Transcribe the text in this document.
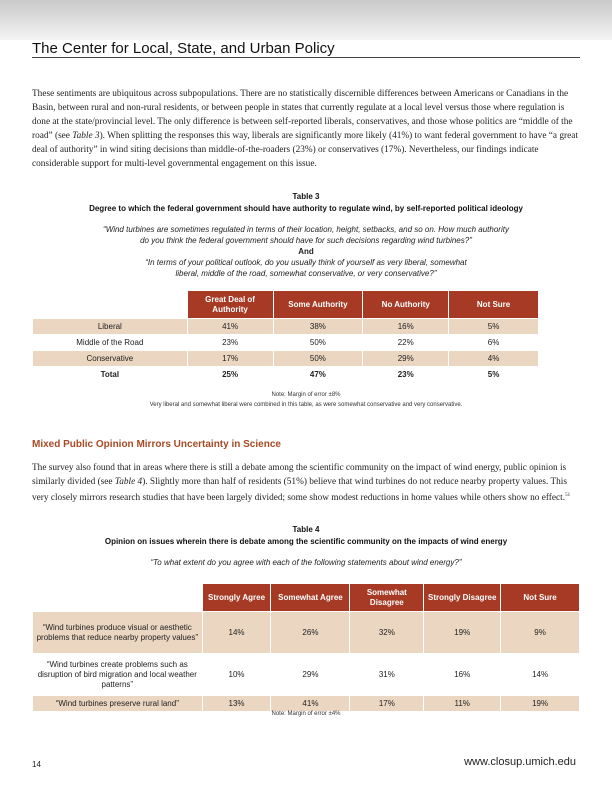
The Center for Local, State, and Urban Policy

These sentiments are ubiquitous across subpopulations. There are no statistically discernible differences between Americans or Canadians in the Basin, between rural and non-rural residents, or between people in states that currently regulate at a local level versus those where regulation is done at the state/provincial level. The only difference is between self-reported liberals, conservatives, and those whose politics are “middle of the road” (see Table 3). When splitting the responses this way, liberals are significantly more likely (41%) to want federal government to have “a great deal of authority” in wind siting decisions than middle-of-the-roaders (23%) or conservatives (17%). Nevertheless, our findings indicate considerable support for multi-level governmental engagement on this issue.

Table 3
Degree to which the federal government should have authority to regulate wind, by self-reported political ideology
“Wind turbines are sometimes regulated in terms of their location, height, setbacks, and so on. How much authority
do you think the federal government should have for such decisions regarding wind turbines?”
And
“In terms of your political outlook, do you usually think of yourself as very liberal, somewhat
liberal, middle of the road, somewhat conservative, or very conservative?”
	Great Deal of Authority	Some Authority	No Authority	Not Sure
Liberal	41%	38%	16%	5%
Middle of the Road	23%	50%	22%	6%
Conservative	17%	50%	29%	4%
Total	25%	47%	23%	5%
Note: Margin of error ±8%
Very liberal and somewhat liberal were combined in this table, as were somewhat conservative and very conservative.
Mixed Public Opinion Mirrors Uncertainty in Science

The survey also found that in areas where there is still a debate among the scientific community on the impact of wind energy, public opinion is similarly divided (see Table 4). Slightly more than half of residents (51%) believe that wind turbines do not reduce nearby property values. This very closely mirrors research studies that have been largely divided; some show modest reductions in home values while others show no effect.$^{51}$

Table 4
Opinion on issues wherein there is debate among the scientific community on the impacts of wind energy
“To what extent do you agree with each of the following statements about wind energy?”
	Strongly Agree	Somewhat Agree	Somewhat Disagree	Strongly Disagree	Not Sure
“Wind turbines produce visual or aesthetic problems that reduce nearby property values”	14%	26%	32%	19%	9%
“Wind turbines create problems such as disruption of bird migration and local weather patterns”	10%	29%	31%	16%	14%
“Wind turbines preserve rural land”	13%	41%	17%	11%	19%
Note: Margin of error ±4%
14	www.closup.umich.edu
